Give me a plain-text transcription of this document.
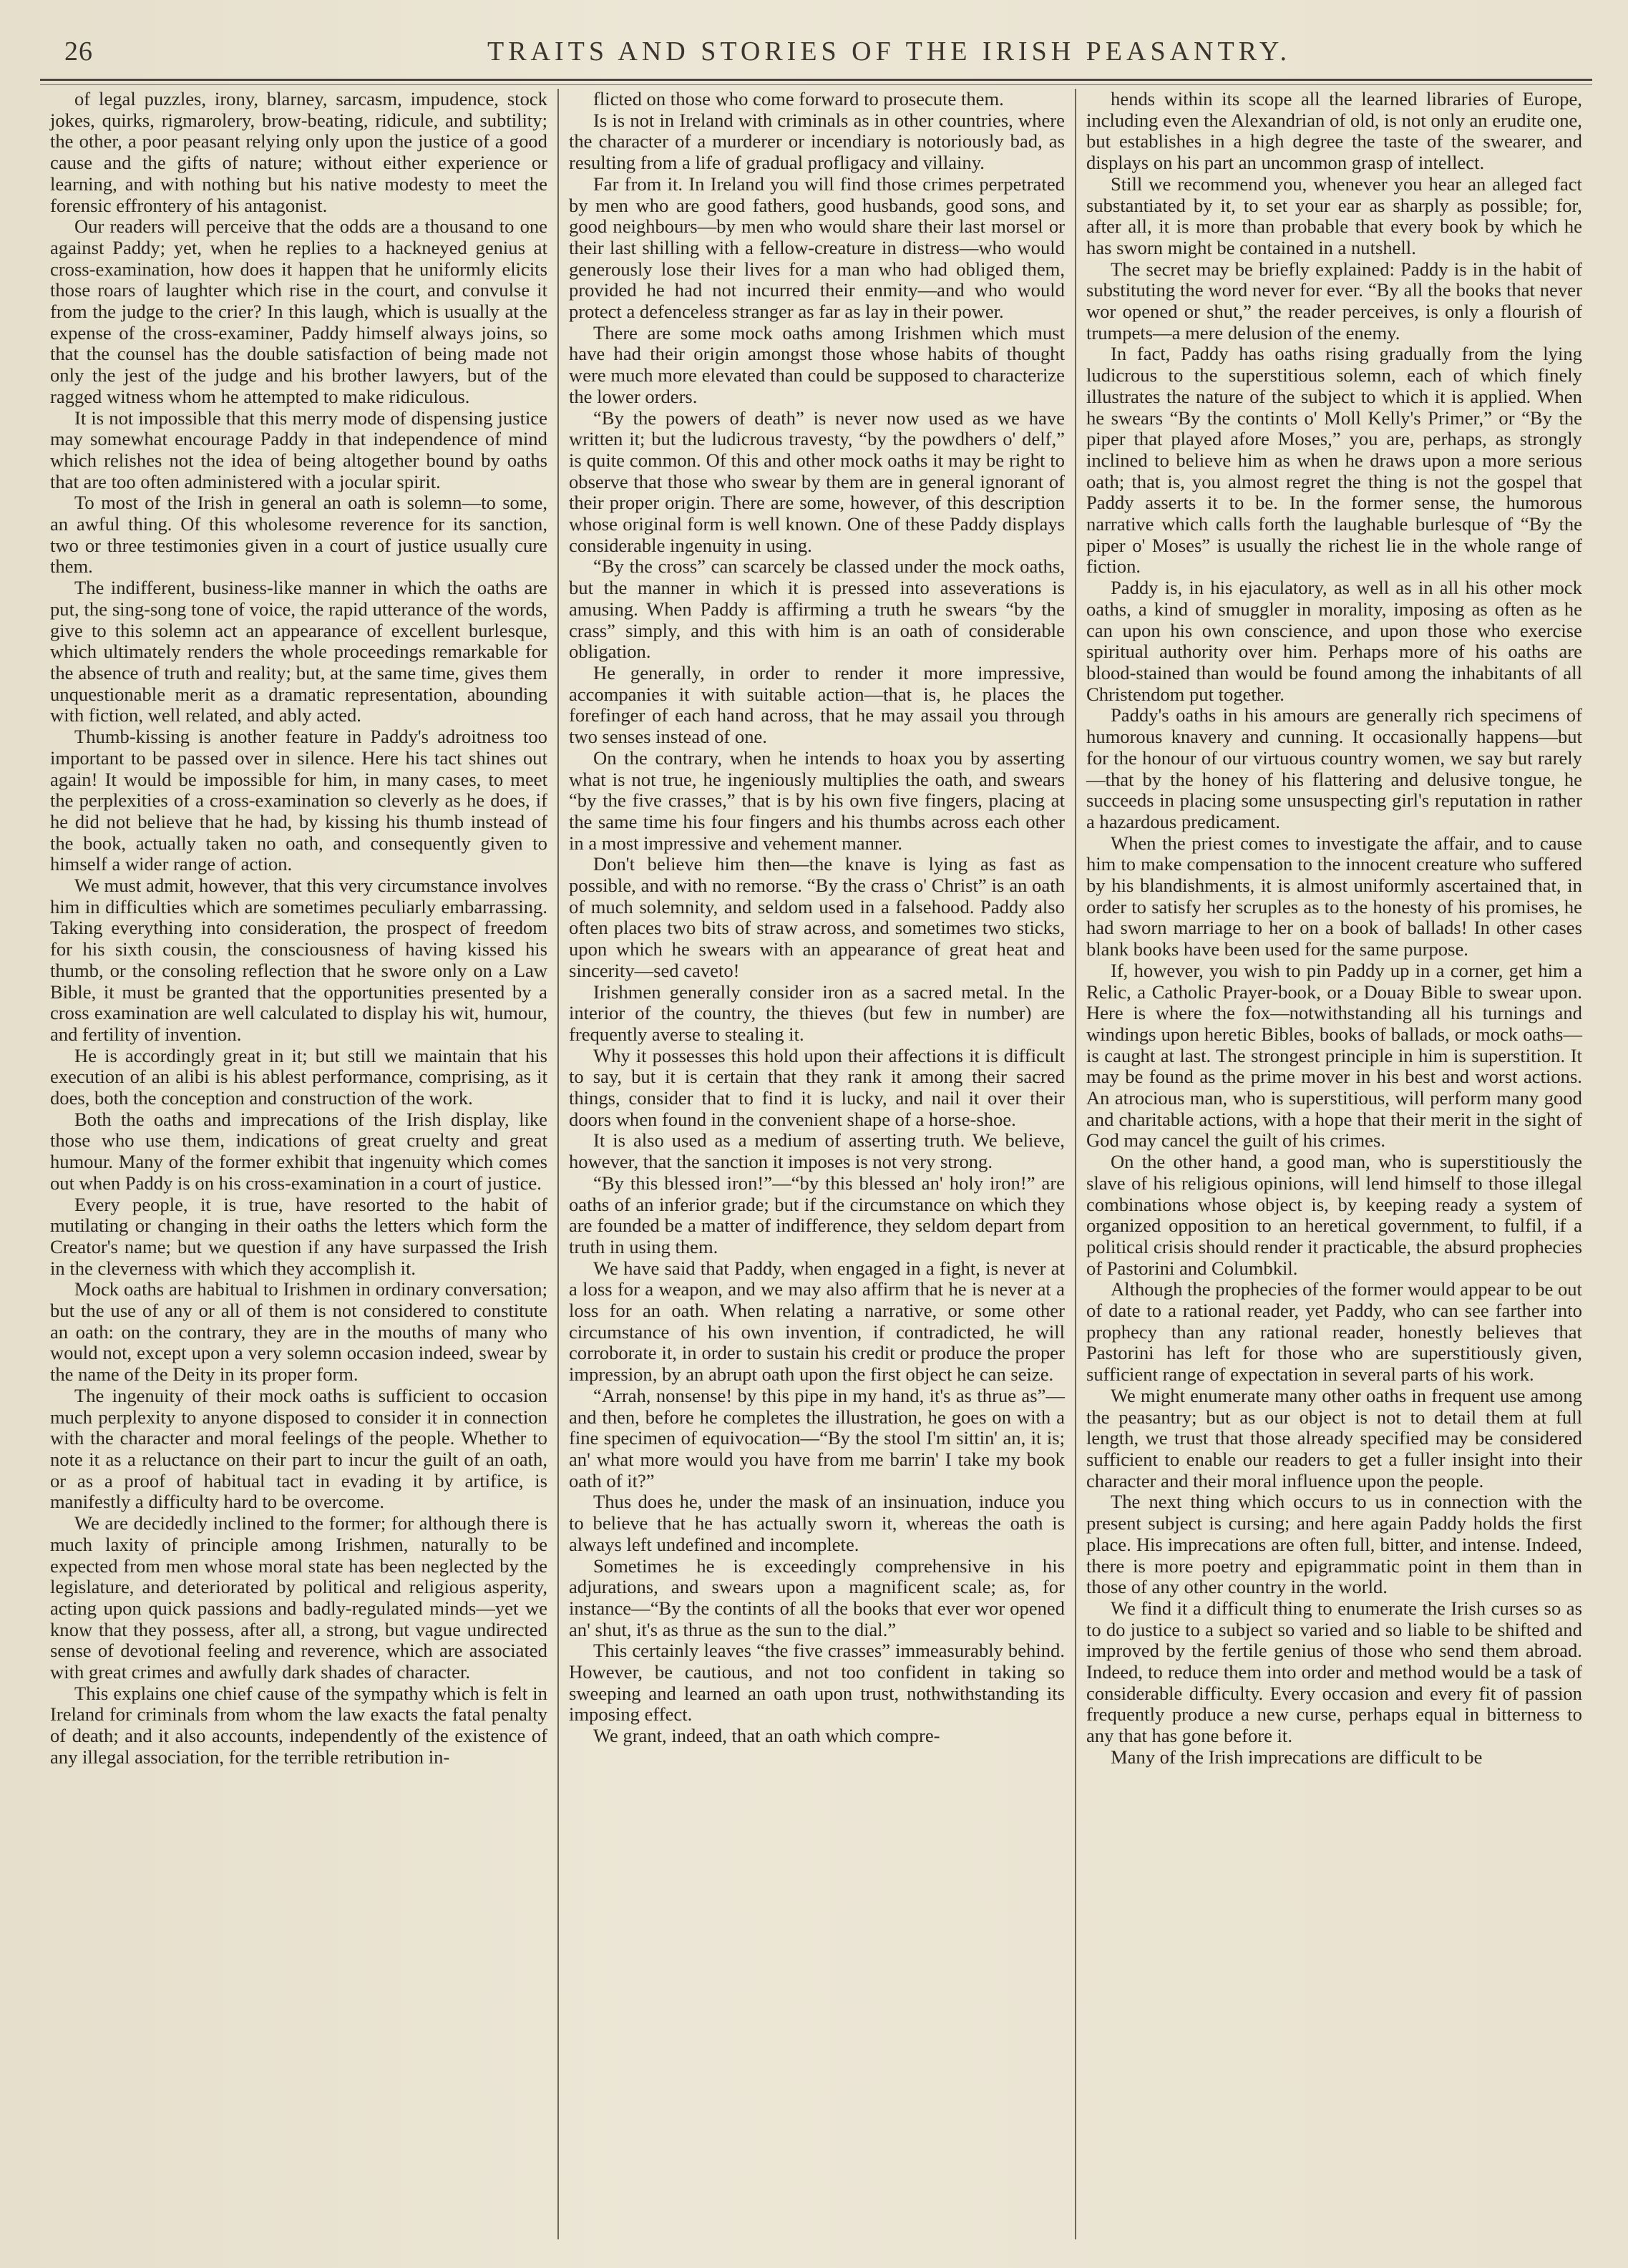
26	TRAITS AND STORIES OF THE IRISH PEASANTRY.

of legal puzzles, irony, blarney, sarcasm, impudence, stock jokes, quirks, rigmarolery, brow-beating, ridicule, and subtility; the other, a poor peasant relying only upon the justice of a good cause and the gifts of nature; without either experience or learning, and with nothing but his native modesty to meet the forensic effrontery of his antagonist.

Our readers will perceive that the odds are a thousand to one against Paddy; yet, when he replies to a hackneyed genius at cross-examination, how does it happen that he uniformly elicits those roars of laughter which rise in the court, and convulse it from the judge to the crier? In this laugh, which is usually at the expense of the cross-examiner, Paddy himself always joins, so that the counsel has the double satisfaction of being made not only the jest of the judge and his brother lawyers, but of the ragged witness whom he attempted to make ridiculous.

It is not impossible that this merry mode of dispensing justice may somewhat encourage Paddy in that independence of mind which relishes not the idea of being altogether bound by oaths that are too often administered with a jocular spirit.

To most of the Irish in general an oath is solemn—to some, an awful thing. Of this wholesome reverence for its sanction, two or three testimonies given in a court of justice usually cure them.

The indifferent, business-like manner in which the oaths are put, the sing-song tone of voice, the rapid utterance of the words, give to this solemn act an appearance of excellent burlesque, which ultimately renders the whole proceedings remarkable for the absence of truth and reality; but, at the same time, gives them unquestionable merit as a dramatic representation, abounding with fiction, well related, and ably acted.

Thumb-kissing is another feature in Paddy's adroitness too important to be passed over in silence. Here his tact shines out again! It would be impossible for him, in many cases, to meet the perplexities of a cross-examination so cleverly as he does, if he did not believe that he had, by kissing his thumb instead of the book, actually taken no oath, and consequently given to himself a wider range of action.

We must admit, however, that this very circumstance involves him in difficulties which are sometimes peculiarly embarrassing. Taking everything into consideration, the prospect of freedom for his sixth cousin, the consciousness of having kissed his thumb, or the consoling reflection that he swore only on a Law Bible, it must be granted that the opportunities presented by a cross examination are well calculated to display his wit, humour, and fertility of invention.

He is accordingly great in it; but still we maintain that his execution of an alibi is his ablest performance, comprising, as it does, both the conception and construction of the work.

Both the oaths and imprecations of the Irish display, like those who use them, indications of great cruelty and great humour. Many of the former exhibit that ingenuity which comes out when Paddy is on his cross-examination in a court of justice.

Every people, it is true, have resorted to the habit of mutilating or changing in their oaths the letters which form the Creator's name; but we question if any have surpassed the Irish in the cleverness with which they accomplish it.

Mock oaths are habitual to Irishmen in ordinary conversation; but the use of any or all of them is not considered to constitute an oath: on the contrary, they are in the mouths of many who would not, except upon a very solemn occasion indeed, swear by the name of the Deity in its proper form.

The ingenuity of their mock oaths is sufficient to occasion much perplexity to anyone disposed to consider it in connection with the character and moral feelings of the people. Whether to note it as a reluctance on their part to incur the guilt of an oath, or as a proof of habitual tact in evading it by artifice, is manifestly a difficulty hard to be overcome.

We are decidedly inclined to the former; for although there is much laxity of principle among Irishmen, naturally to be expected from men whose moral state has been neglected by the legislature, and deteriorated by political and religious asperity, acting upon quick passions and badly-regulated minds—yet we know that they possess, after all, a strong, but vague undirected sense of devotional feeling and reverence, which are associated with great crimes and awfully dark shades of character.

This explains one chief cause of the sympathy which is felt in Ireland for criminals from whom the law exacts the fatal penalty of death; and it also accounts, independently of the existence of any illegal association, for the terrible retribution in-

flicted on those who come forward to prosecute them.

Is is not in Ireland with criminals as in other countries, where the character of a murderer or incendiary is notoriously bad, as resulting from a life of gradual profligacy and villainy.

Far from it. In Ireland you will find those crimes perpetrated by men who are good fathers, good husbands, good sons, and good neighbours—by men who would share their last morsel or their last shilling with a fellow-creature in distress—who would generously lose their lives for a man who had obliged them, provided he had not incurred their enmity—and who would protect a defenceless stranger as far as lay in their power.

There are some mock oaths among Irishmen which must have had their origin amongst those whose habits of thought were much more elevated than could be supposed to characterize the lower orders.

“By the powers of death” is never now used as we have written it; but the ludicrous travesty, “by the powdhers o' delf,” is quite common. Of this and other mock oaths it may be right to observe that those who swear by them are in general ignorant of their proper origin. There are some, however, of this description whose original form is well known. One of these Paddy displays considerable ingenuity in using.

“By the cross” can scarcely be classed under the mock oaths, but the manner in which it is pressed into asseverations is amusing. When Paddy is affirming a truth he swears “by the crass” simply, and this with him is an oath of considerable obligation.

He generally, in order to render it more impressive, accompanies it with suitable action—that is, he places the forefinger of each hand across, that he may assail you through two senses instead of one.

On the contrary, when he intends to hoax you by asserting what is not true, he ingeniously multiplies the oath, and swears “by the five crasses,” that is by his own five fingers, placing at the same time his four fingers and his thumbs across each other in a most impressive and vehement manner.

Don't believe him then—the knave is lying as fast as possible, and with no remorse. “By the crass o' Christ” is an oath of much solemnity, and seldom used in a falsehood. Paddy also often places two bits of straw across, and sometimes two sticks, upon which he swears with an appearance of great heat and sincerity—sed caveto!

Irishmen generally consider iron as a sacred metal. In the interior of the country, the thieves (but few in number) are frequently averse to stealing it.

Why it possesses this hold upon their affections it is difficult to say, but it is certain that they rank it among their sacred things, consider that to find it is lucky, and nail it over their doors when found in the convenient shape of a horse-shoe.

It is also used as a medium of asserting truth. We believe, however, that the sanction it imposes is not very strong.

“By this blessed iron!”—“by this blessed an' holy iron!” are oaths of an inferior grade; but if the circumstance on which they are founded be a matter of indifference, they seldom depart from truth in using them.

We have said that Paddy, when engaged in a fight, is never at a loss for a weapon, and we may also affirm that he is never at a loss for an oath. When relating a narrative, or some other circumstance of his own invention, if contradicted, he will corroborate it, in order to sustain his credit or produce the proper impression, by an abrupt oath upon the first object he can seize.

“Arrah, nonsense! by this pipe in my hand, it's as thrue as”—and then, before he completes the illustration, he goes on with a fine specimen of equivocation—“By the stool I'm sittin' an, it is; an' what more would you have from me barrin' I take my book oath of it?”

Thus does he, under the mask of an insinuation, induce you to believe that he has actually sworn it, whereas the oath is always left undefined and incomplete.

Sometimes he is exceedingly comprehensive in his adjurations, and swears upon a magnificent scale; as, for instance—“By the contints of all the books that ever wor opened an' shut, it's as thrue as the sun to the dial.”

This certainly leaves “the five crasses” immeasurably behind. However, be cautious, and not too confident in taking so sweeping and learned an oath upon trust, nothwithstanding its imposing effect.

We grant, indeed, that an oath which compre-

hends within its scope all the learned libraries of Europe, including even the Alexandrian of old, is not only an erudite one, but establishes in a high degree the taste of the swearer, and displays on his part an uncommon grasp of intellect.

Still we recommend you, whenever you hear an alleged fact substantiated by it, to set your ear as sharply as possible; for, after all, it is more than probable that every book by which he has sworn might be contained in a nutshell.

The secret may be briefly explained: Paddy is in the habit of substituting the word never for ever. “By all the books that never wor opened or shut,” the reader perceives, is only a flourish of trumpets—a mere delusion of the enemy.

In fact, Paddy has oaths rising gradually from the lying ludicrous to the superstitious solemn, each of which finely illustrates the nature of the subject to which it is applied. When he swears “By the contints o' Moll Kelly's Primer,” or “By the piper that played afore Moses,” you are, perhaps, as strongly inclined to believe him as when he draws upon a more serious oath; that is, you almost regret the thing is not the gospel that Paddy asserts it to be. In the former sense, the humorous narrative which calls forth the laughable burlesque of “By the piper o' Moses” is usually the richest lie in the whole range of fiction.

Paddy is, in his ejaculatory, as well as in all his other mock oaths, a kind of smuggler in morality, imposing as often as he can upon his own conscience, and upon those who exercise spiritual authority over him. Perhaps more of his oaths are blood-stained than would be found among the inhabitants of all Christendom put together.

Paddy's oaths in his amours are generally rich specimens of humorous knavery and cunning. It occasionally happens—but for the honour of our virtuous country women, we say but rarely—that by the honey of his flattering and delusive tongue, he succeeds in placing some unsuspecting girl's reputation in rather a hazardous predicament.

When the priest comes to investigate the affair, and to cause him to make compensation to the innocent creature who suffered by his blandishments, it is almost uniformly ascertained that, in order to satisfy her scruples as to the honesty of his promises, he had sworn marriage to her on a book of ballads! In other cases blank books have been used for the same purpose.

If, however, you wish to pin Paddy up in a corner, get him a Relic, a Catholic Prayer-book, or a Douay Bible to swear upon. Here is where the fox—notwithstanding all his turnings and windings upon heretic Bibles, books of ballads, or mock oaths—is caught at last. The strongest principle in him is superstition. It may be found as the prime mover in his best and worst actions. An atrocious man, who is superstitious, will perform many good and charitable actions, with a hope that their merit in the sight of God may cancel the guilt of his crimes.

On the other hand, a good man, who is superstitiously the slave of his religious opinions, will lend himself to those illegal combinations whose object is, by keeping ready a system of organized opposition to an heretical government, to fulfil, if a political crisis should render it practicable, the absurd prophecies of Pastorini and Columbkil.

Although the prophecies of the former would appear to be out of date to a rational reader, yet Paddy, who can see farther into prophecy than any rational reader, honestly believes that Pastorini has left for those who are superstitiously given, sufficient range of expectation in several parts of his work.

We might enumerate many other oaths in frequent use among the peasantry; but as our object is not to detail them at full length, we trust that those already specified may be considered sufficient to enable our readers to get a fuller insight into their character and their moral influence upon the people.

The next thing which occurs to us in connection with the present subject is cursing; and here again Paddy holds the first place. His imprecations are often full, bitter, and intense. Indeed, there is more poetry and epigrammatic point in them than in those of any other country in the world.

We find it a difficult thing to enumerate the Irish curses so as to do justice to a subject so varied and so liable to be shifted and improved by the fertile genius of those who send them abroad. Indeed, to reduce them into order and method would be a task of considerable difficulty. Every occasion and every fit of passion frequently produce a new curse, perhaps equal in bitterness to any that has gone before it.

Many of the Irish imprecations are difficult to be
